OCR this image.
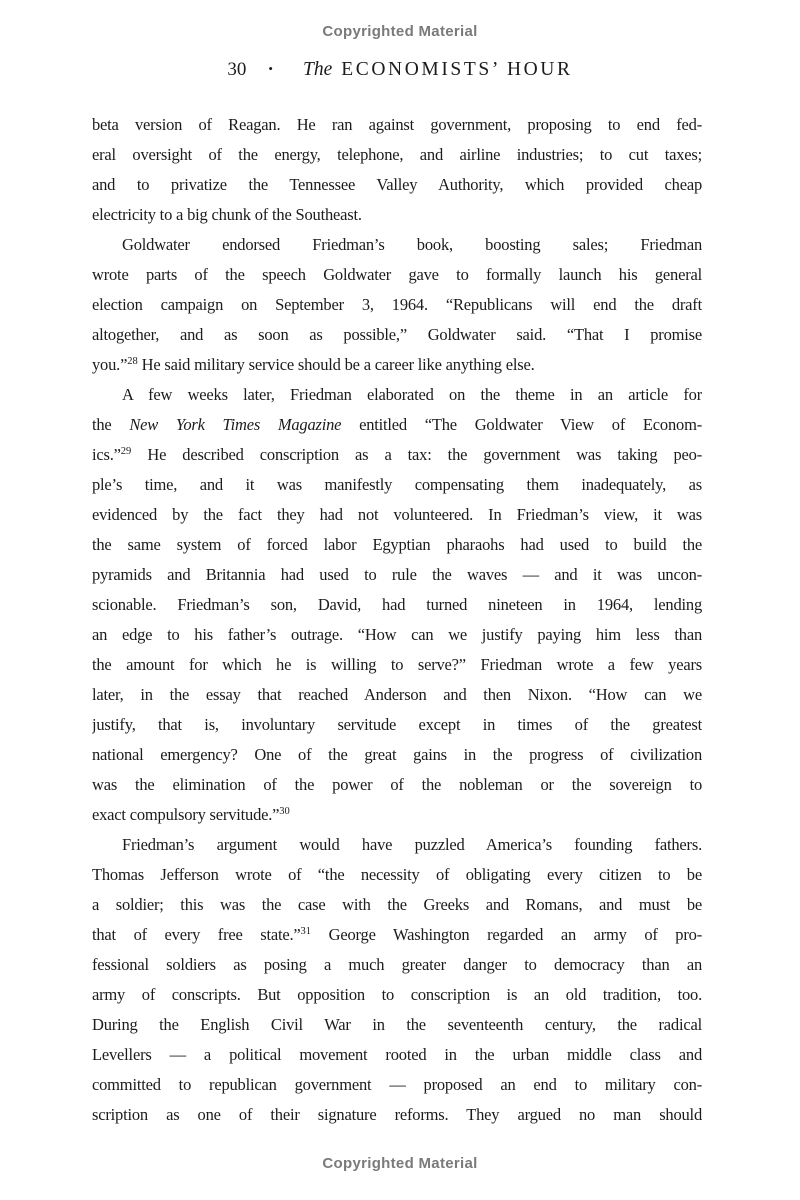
Copyrighted Material
30 • The ECONOMISTS’ HOUR
beta version of Reagan. He ran against government, proposing to end fed-
eral oversight of the energy, telephone, and airline industries; to cut taxes;
and to privatize the Tennessee Valley Authority, which provided cheap
electricity to a big chunk of the Southeast.
Goldwater endorsed Friedman’s book, boosting sales; Friedman
wrote parts of the speech Goldwater gave to formally launch his general
election campaign on September 3, 1964. “Republicans will end the draft
altogether, and as soon as possible,” Goldwater said. “That I promise
you.”$^{28}$ He said military service should be a career like anything else.
A few weeks later, Friedman elaborated on the theme in an article for
the New York Times Magazine entitled “The Goldwater View of Econom-
ics.”$^{29}$ He described conscription as a tax: the government was taking peo-
ple’s time, and it was manifestly compensating them inadequately, as
evidenced by the fact they had not volunteered. In Friedman’s view, it was
the same system of forced labor Egyptian pharaohs had used to build the
pyramids and Britannia had used to rule the waves — and it was uncon-
scionable. Friedman’s son, David, had turned nineteen in 1964, lending
an edge to his father’s outrage. “How can we justify paying him less than
the amount for which he is willing to serve?” Friedman wrote a few years
later, in the essay that reached Anderson and then Nixon. “How can we
justify, that is, involuntary servitude except in times of the greatest
national emergency? One of the great gains in the progress of civilization
was the elimination of the power of the nobleman or the sovereign to
exact compulsory servitude.”$^{30}$
Friedman’s argument would have puzzled America’s founding fathers.
Thomas Jefferson wrote of “the necessity of obligating every citizen to be
a soldier; this was the case with the Greeks and Romans, and must be
that of every free state.”$^{31}$ George Washington regarded an army of pro-
fessional soldiers as posing a much greater danger to democracy than an
army of conscripts. But opposition to conscription is an old tradition, too.
During the English Civil War in the seventeenth century, the radical
Levellers — a political movement rooted in the urban middle class and
committed to republican government — proposed an end to military con-
scription as one of their signature reforms. They argued no man should
Copyrighted Material
